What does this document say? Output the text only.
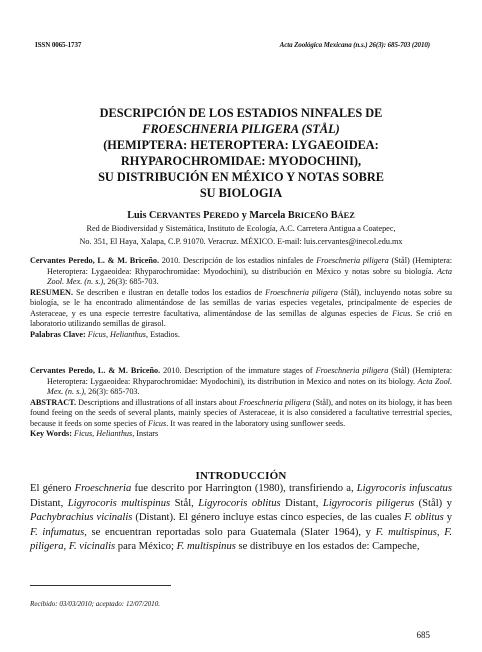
ISSN 0065-1737	Acta Zoológica Mexicana (n.s.) 26(3): 685-703 (2010)
DESCRIPCIÓN DE LOS ESTADIOS NINFALES DE
FROESCHNERIA PILIGERA (STÅL)
(HEMIPTERA: HETEROPTERA: LYGAEOIDEA:
RHYPAROCHROMIDAE: MYODOCHINI),
SU DISTRIBUCIÓN EN MÉXICO Y NOTAS SOBRE
SU BIOLOGIA
Luis CERVANTES PEREDO y Marcela BRICEÑO BÁEZ
Red de Biodiversidad y Sistemática, Instituto de Ecología, A.C. Carretera Antigua a Coatepec,
No. 351, El Haya, Xalapa, C.P. 91070. Veracruz. MÉXICO. E-mail: luis.cervantes@inecol.edu.mx

Cervantes Peredo, L. & M. Briceño. 2010. Descripción de los estadios ninfales de Froeschneria piligera (Stål) (Hemiptera: Heteroptera: Lygaeoidea: Rhyparochromidae: Myodochini), su distribución en México y notas sobre su biología. Acta Zool. Mex. (n. s.), 26(3): 685-703.

RESUMEN. Se describen e ilustran en detalle todos los estadios de Froeschneria piligera (Stål), incluyendo notas sobre su biología, se le ha encontrado alimentándose de las semillas de varias especies vegetales, principalmente de especies de Asteraceae, y es una especie terrestre facultativa, alimentándose de las semillas de algunas especies de Ficus. Se crió en laboratorio utilizando semillas de girasol.

Palabras Clave: Ficus, Helianthus, Estadios.

Cervantes Peredo, L. & M. Briceño. 2010. Description of the immature stages of Froeschneria piligera (Stål) (Hemiptera: Heteroptera: Lygaeoidea: Rhyparochromidae: Myodochini), its distribution in Mexico and notes on its biology. Acta Zool. Mex. (n. s.), 26(3): 685-703.

ABSTRACT. Descriptions and illustrations of all instars about Froeschneria piligera (Stål), and notes on its biology, it has been found feeing on the seeds of several plants, mainly species of Asteraceae, it is also considered a facultative terrestrial species, because it feeds on some species of Ficus. It was reared in the laboratory using sunflower seeds.

Key Words: Ficus, Helianthus, Instars

INTRODUCCIÓN

El género Froeschneria fue descrito por Harrington (1980), transfiriendo a, Ligyrocoris infuscatus Distant, Ligyrocoris multispinus Stål, Ligyrocoris oblitus Distant, Ligyrocoris piligerus (Stål) y Pachybrachius vicinalis (Distant). El género incluye estas cinco especies, de las cuales F. oblitus y F. infumatus, se encuentran reportadas solo para Guatemala (Slater 1964), y F. multispinus, F. piligera, F. vicinalis para México; F. multispinus se distribuye en los estados de: Campeche,

Recibido: 03/03/2010; aceptado: 12/07/2010.
685
